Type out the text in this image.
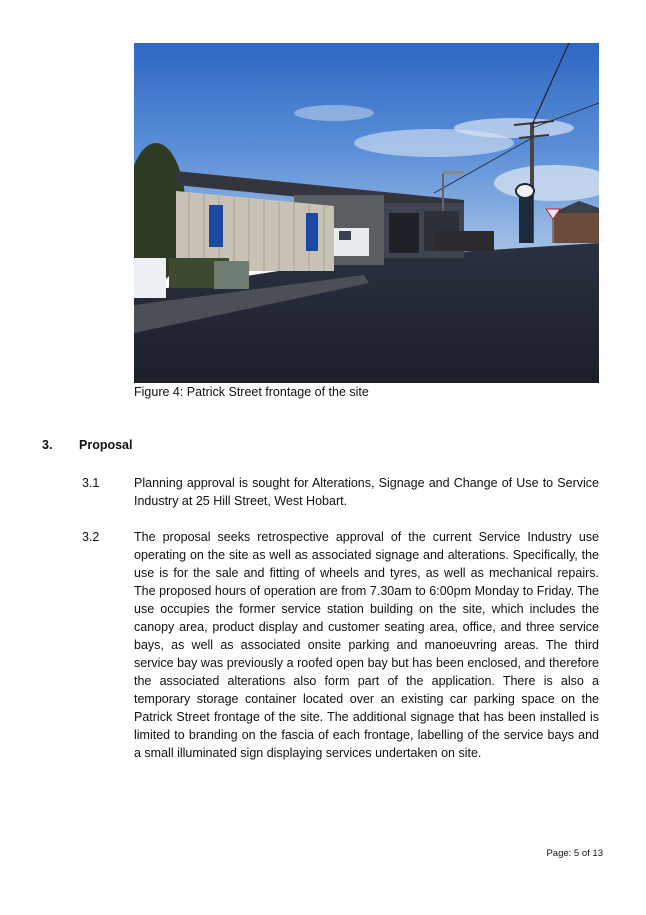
Figure 4: Patrick Street frontage of the site
3. Proposal
3.1	Planning approval is sought for Alterations, Signage and Change of Use to Service Industry at 25 Hill Street, West Hobart.

3.2	The proposal seeks retrospective approval of the current Service Industry use operating on the site as well as associated signage and alterations. Specifically, the use is for the sale and fitting of wheels and tyres, as well as mechanical repairs. The proposed hours of operation are from 7.30am to 6:00pm Monday to Friday. The use occupies the former service station building on the site, which includes the canopy area, product display and customer seating area, office, and three service bays, as well as associated onsite parking and manoeuvring areas. The third service bay was previously a roofed open bay but has been enclosed, and therefore the associated alterations also form part of the application. There is also a temporary storage container located over an existing car parking space on the Patrick Street frontage of the site. The additional signage that has been installed is limited to branding on the fascia of each frontage, labelling of the service bays and a small illuminated sign displaying services undertaken on site.

Page: 5 of 13
